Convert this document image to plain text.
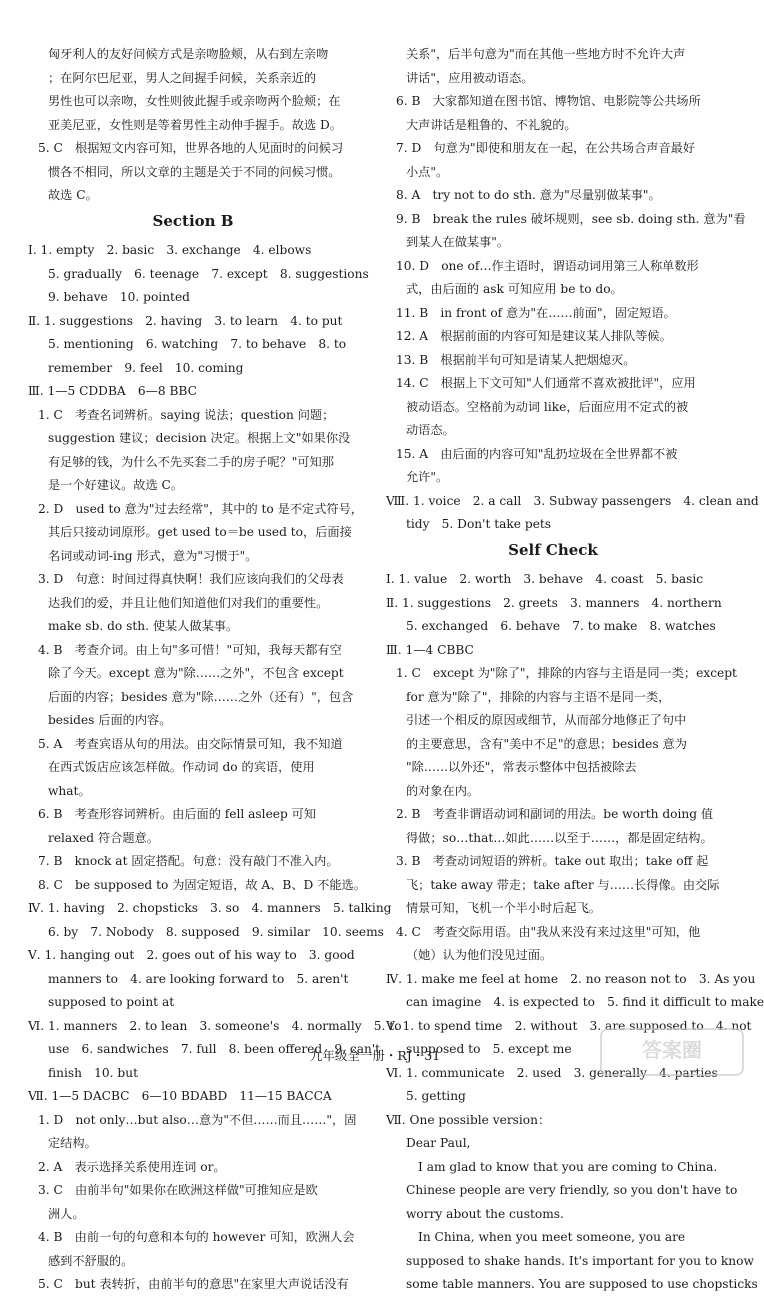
匈牙利人的友好问候方式是亲吻脸颊，从右到左亲吻
；在阿尔巴尼亚，男人之间握手问候，关系亲近的
男性也可以亲吻，女性则彼此握手或亲吻两个脸颊；在
亚美尼亚，女性则是等着男性主动伸手握手。故选 D。
5. C　根据短文内容可知，世界各地的人见面时的问候习
惯各不相同，所以文章的主题是关于不同的问候习惯。
故选 C。
Section B
Ⅰ. 1. empty　2. basic　3. exchange　4. elbows
5. gradually　6. teenage　7. except　8. suggestions
9. behave　10. pointed
Ⅱ. 1. suggestions　2. having　3. to learn　4. to put
5. mentioning　6. watching　7. to behave　8. to
remember　9. feel　10. coming
Ⅲ. 1—5 CDDBA　6—8 BBC
1. C　考查名词辨析。saying 说法；question 问题；
suggestion 建议；decision 决定。根据上文"如果你没
有足够的钱，为什么不先买套二手的房子呢？"可知那
是一个好建议。故选 C。
2. D　used to 意为"过去经常"，其中的 to 是不定式符号，
其后只接动词原形。get used to＝be used to，后面接
名词或动词-ing 形式，意为"习惯于"。
3. D　句意：时间过得真快啊！我们应该向我们的父母表
达我们的爱，并且让他们知道他们对我们的重要性。
make sb. do sth. 使某人做某事。
4. B　考查介词。由上句"多可惜！"可知，我每天都有空
除了今天。except 意为"除……之外"，不包含 except
后面的内容；besides 意为"除……之外（还有）"，包含
besides 后面的内容。
5. A　考查宾语从句的用法。由交际情景可知，我不知道
在西式饭店应该怎样做。作动词 do 的宾语，使用
what。
6. B　考查形容词辨析。由后面的 fell asleep 可知
relaxed 符合题意。
7. B　knock at 固定搭配。句意：没有敲门不准入内。
8. C　be supposed to 为固定短语，故 A、B、D 不能选。
Ⅳ. 1. having　2. chopsticks　3. so　4. manners　5. talking
6. by　7. Nobody　8. supposed　9. similar　10. seems
Ⅴ. 1. hanging out　2. goes out of his way to　3. good
manners to　4. are looking forward to　5. aren't
supposed to point at
Ⅵ. 1. manners　2. to lean　3. someone's　4. normally　5. to
use　6. sandwiches　7. full　8. been offered　9. can't
finish　10. but
Ⅶ. 1—5 DACBC　6—10 BDABD　11—15 BACCA
1. D　not only…but also…意为"不但……而且……"，固
定结构。
2. A　表示选择关系使用连词 or。
3. C　由前半句"如果你在欧洲这样做"可推知应是欧
洲人。
4. B　由前一句的句意和本句的 however 可知，欧洲人会
感到不舒服的。
5. C　but 表转折，由前半句的意思"在家里大声说话没有
关系"，后半句意为"而在其他一些地方时不允许大声
讲话"，应用被动语态。
6. B　大家都知道在图书馆、博物馆、电影院等公共场所
大声讲话是粗鲁的、不礼貌的。
7. D　句意为"即使和朋友在一起，在公共场合声音最好
小点"。
8. A　try not to do sth. 意为"尽量别做某事"。
9. B　break the rules 破坏规则，see sb. doing sth. 意为"看
到某人在做某事"。
10. D　one of…作主语时，谓语动词用第三人称单数形
式，由后面的 ask 可知应用 be to do。
11. B　in front of 意为"在……前面"，固定短语。
12. A　根据前面的内容可知是建议某人排队等候。
13. B　根据前半句可知是请某人把烟熄灭。
14. C　根据上下文可知"人们通常不喜欢被批评"，应用
被动语态。空格前为动词 like，后面应用不定式的被
动语态。
15. A　由后面的内容可知"乱扔垃圾在全世界都不被
允许"。
Ⅷ. 1. voice　2. a call　3. Subway passengers　4. clean and
tidy　5. Don't take pets
Self Check
Ⅰ. 1. value　2. worth　3. behave　4. coast　5. basic
Ⅱ. 1. suggestions　2. greets　3. manners　4. northern
5. exchanged　6. behave　7. to make　8. watches
Ⅲ. 1—4 CBBC
1. C　except 为"除了"，排除的内容与主语是同一类；except
for 意为"除了"，排除的内容与主语不是同一类，
引述一个相反的原因或细节，从而部分地修正了句中
的主要意思，含有"美中不足"的意思；besides 意为
"除……以外还"，常表示整体中包括被除去
的对象在内。
2. B　考查非谓语动词和副词的用法。be worth doing 值
得做；so…that…如此……以至于……，都是固定结构。
3. B　考查动词短语的辨析。take out 取出；take off 起
飞；take away 带走；take after 与……长得像。由交际
情景可知，飞机一个半小时后起飞。
4. C　考查交际用语。由"我从来没有来过这里"可知，他
（她）认为他们没见过面。
Ⅳ. 1. make me feel at home　2. no reason not to　3. As you
can imagine　4. is expected to　5. find it difficult to make
Ⅴ. 1. to spend time　2. without　3. are supposed to　4. not
supposed to　5. except me
Ⅵ. 1. communicate　2. used　3. generally　4. parties
5. getting
Ⅶ. One possible version：
Dear Paul,
I am glad to know that you are coming to China.
Chinese people are very friendly, so you don't have to
worry about the customs.
In China, when you meet someone, you are
supposed to shake hands. It's important for you to know
some table manners. You are supposed to use chopsticks
九年级全一册・RJ・31	答案圈
